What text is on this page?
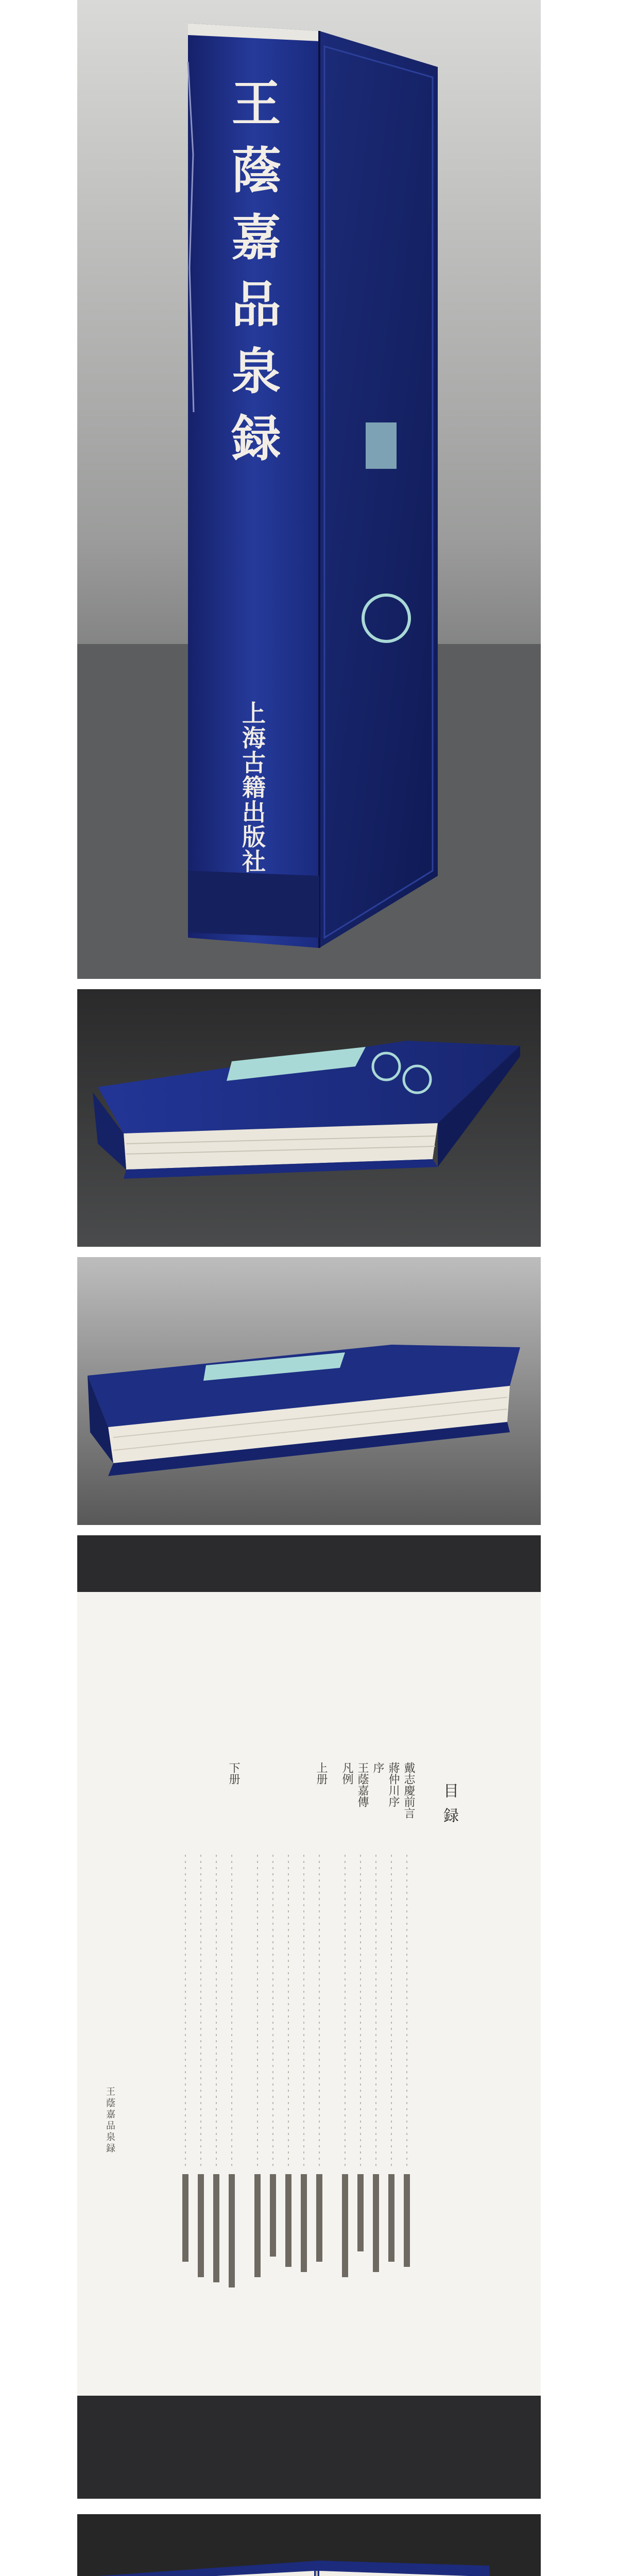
王蔭嘉品泉録
上海古籍出版社
目録
王蔭嘉品泉録
戴志慶前言
蔣仲川序
序
王蔭嘉傳
凡例
上册
下册
